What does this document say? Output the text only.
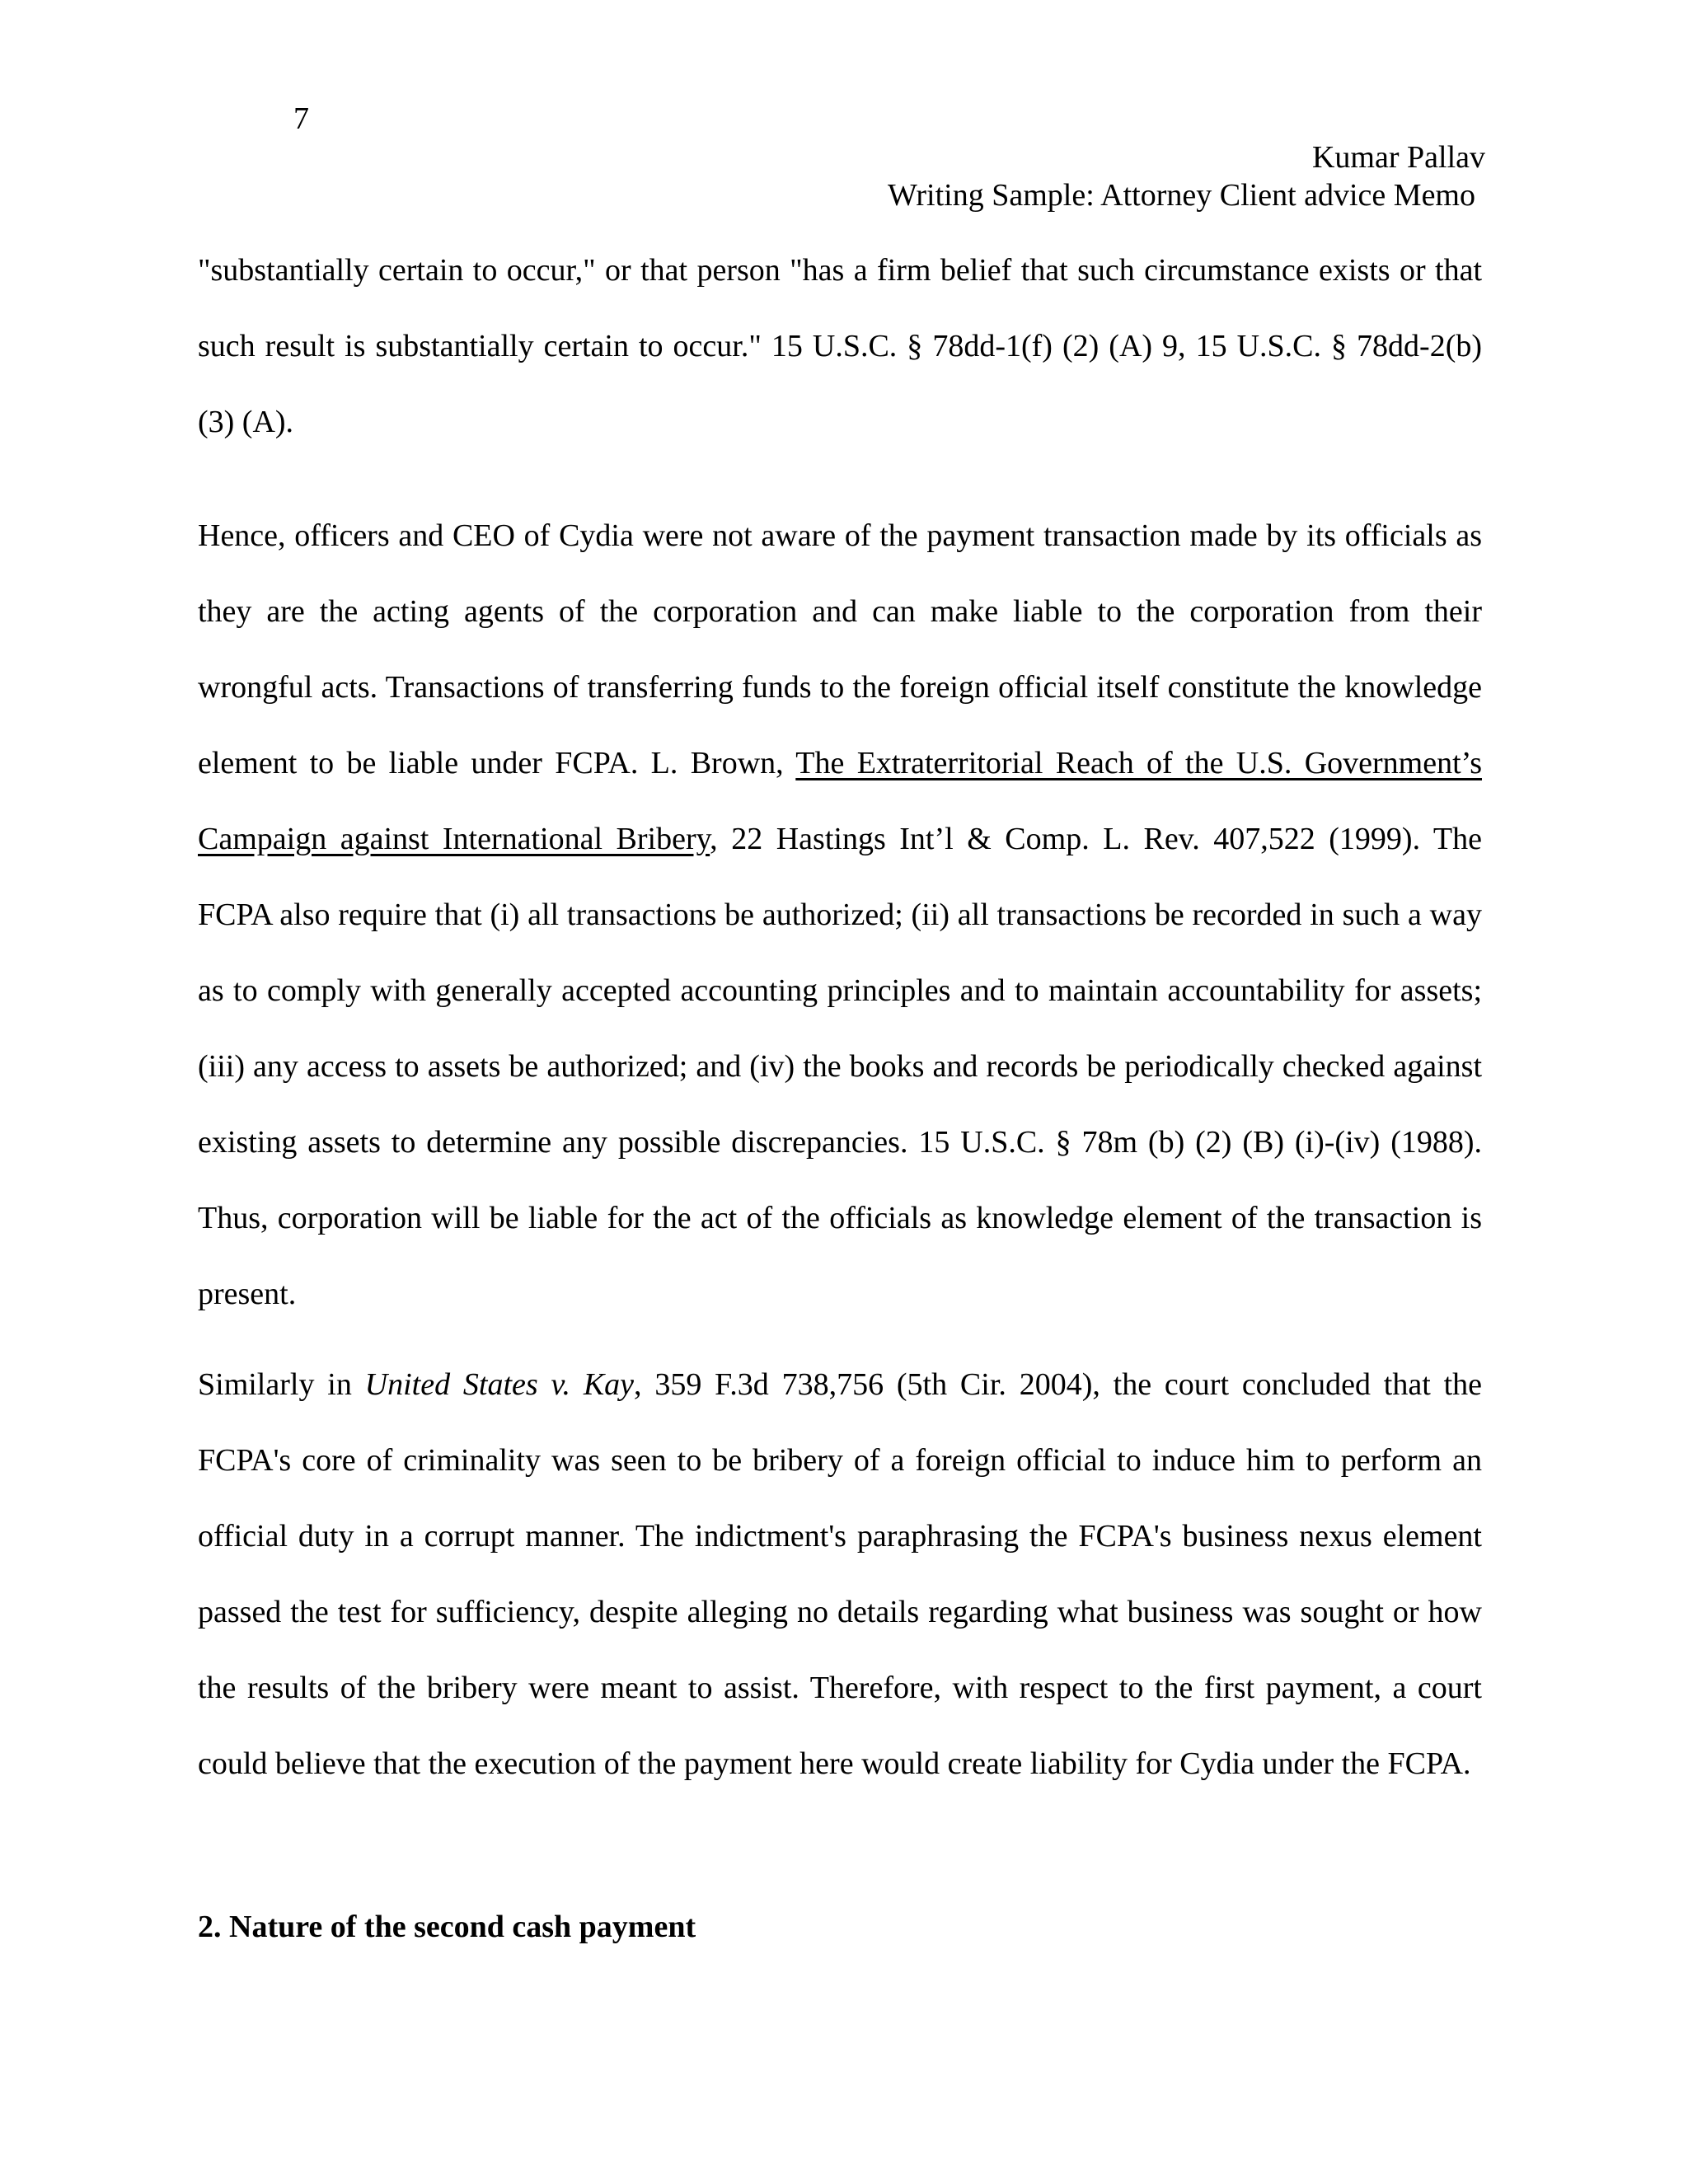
7
Kumar Pallav
Writing Sample: Attorney Client advice Memo

"substantially certain to occur," or that person "has a firm belief that such circumstance exists or that such result is substantially certain to occur." 15 U.S.C. § 78dd-1(f) (2) (A) 9, 15 U.S.C. § 78dd-2(b) (3) (A).

Hence, officers and CEO of Cydia were not aware of the payment transaction made by its officials as they are the acting agents of the corporation and can make liable to the corporation from their wrongful acts. Transactions of transferring funds to the foreign official itself constitute the knowledge element to be liable under FCPA. L. Brown, The Extraterritorial Reach of the U.S. Government’s Campaign against International Bribery, 22 Hastings Int’l & Comp. L. Rev. 407,522 (1999). The FCPA also require that (i) all transactions be authorized; (ii) all transactions be recorded in such a way as to comply with generally accepted accounting principles and to maintain accountability for assets; (iii) any access to assets be authorized; and (iv) the books and records be periodically checked against existing assets to determine any possible discrepancies. 15 U.S.C. § 78m (b) (2) (B) (i)-(iv) (1988). Thus, corporation will be liable for the act of the officials as knowledge element of the transaction is present.

Similarly in United States v. Kay, 359 F.3d 738,756 (5th Cir. 2004), the court concluded that the FCPA's core of criminality was seen to be bribery of a foreign official to induce him to perform an official duty in a corrupt manner. The indictment's paraphrasing the FCPA's business nexus element passed the test for sufficiency, despite alleging no details regarding what business was sought or how the results of the bribery were meant to assist. Therefore, with respect to the first payment, a court could believe that the execution of the payment here would create liability for Cydia under the FCPA.

2. Nature of the second cash payment
